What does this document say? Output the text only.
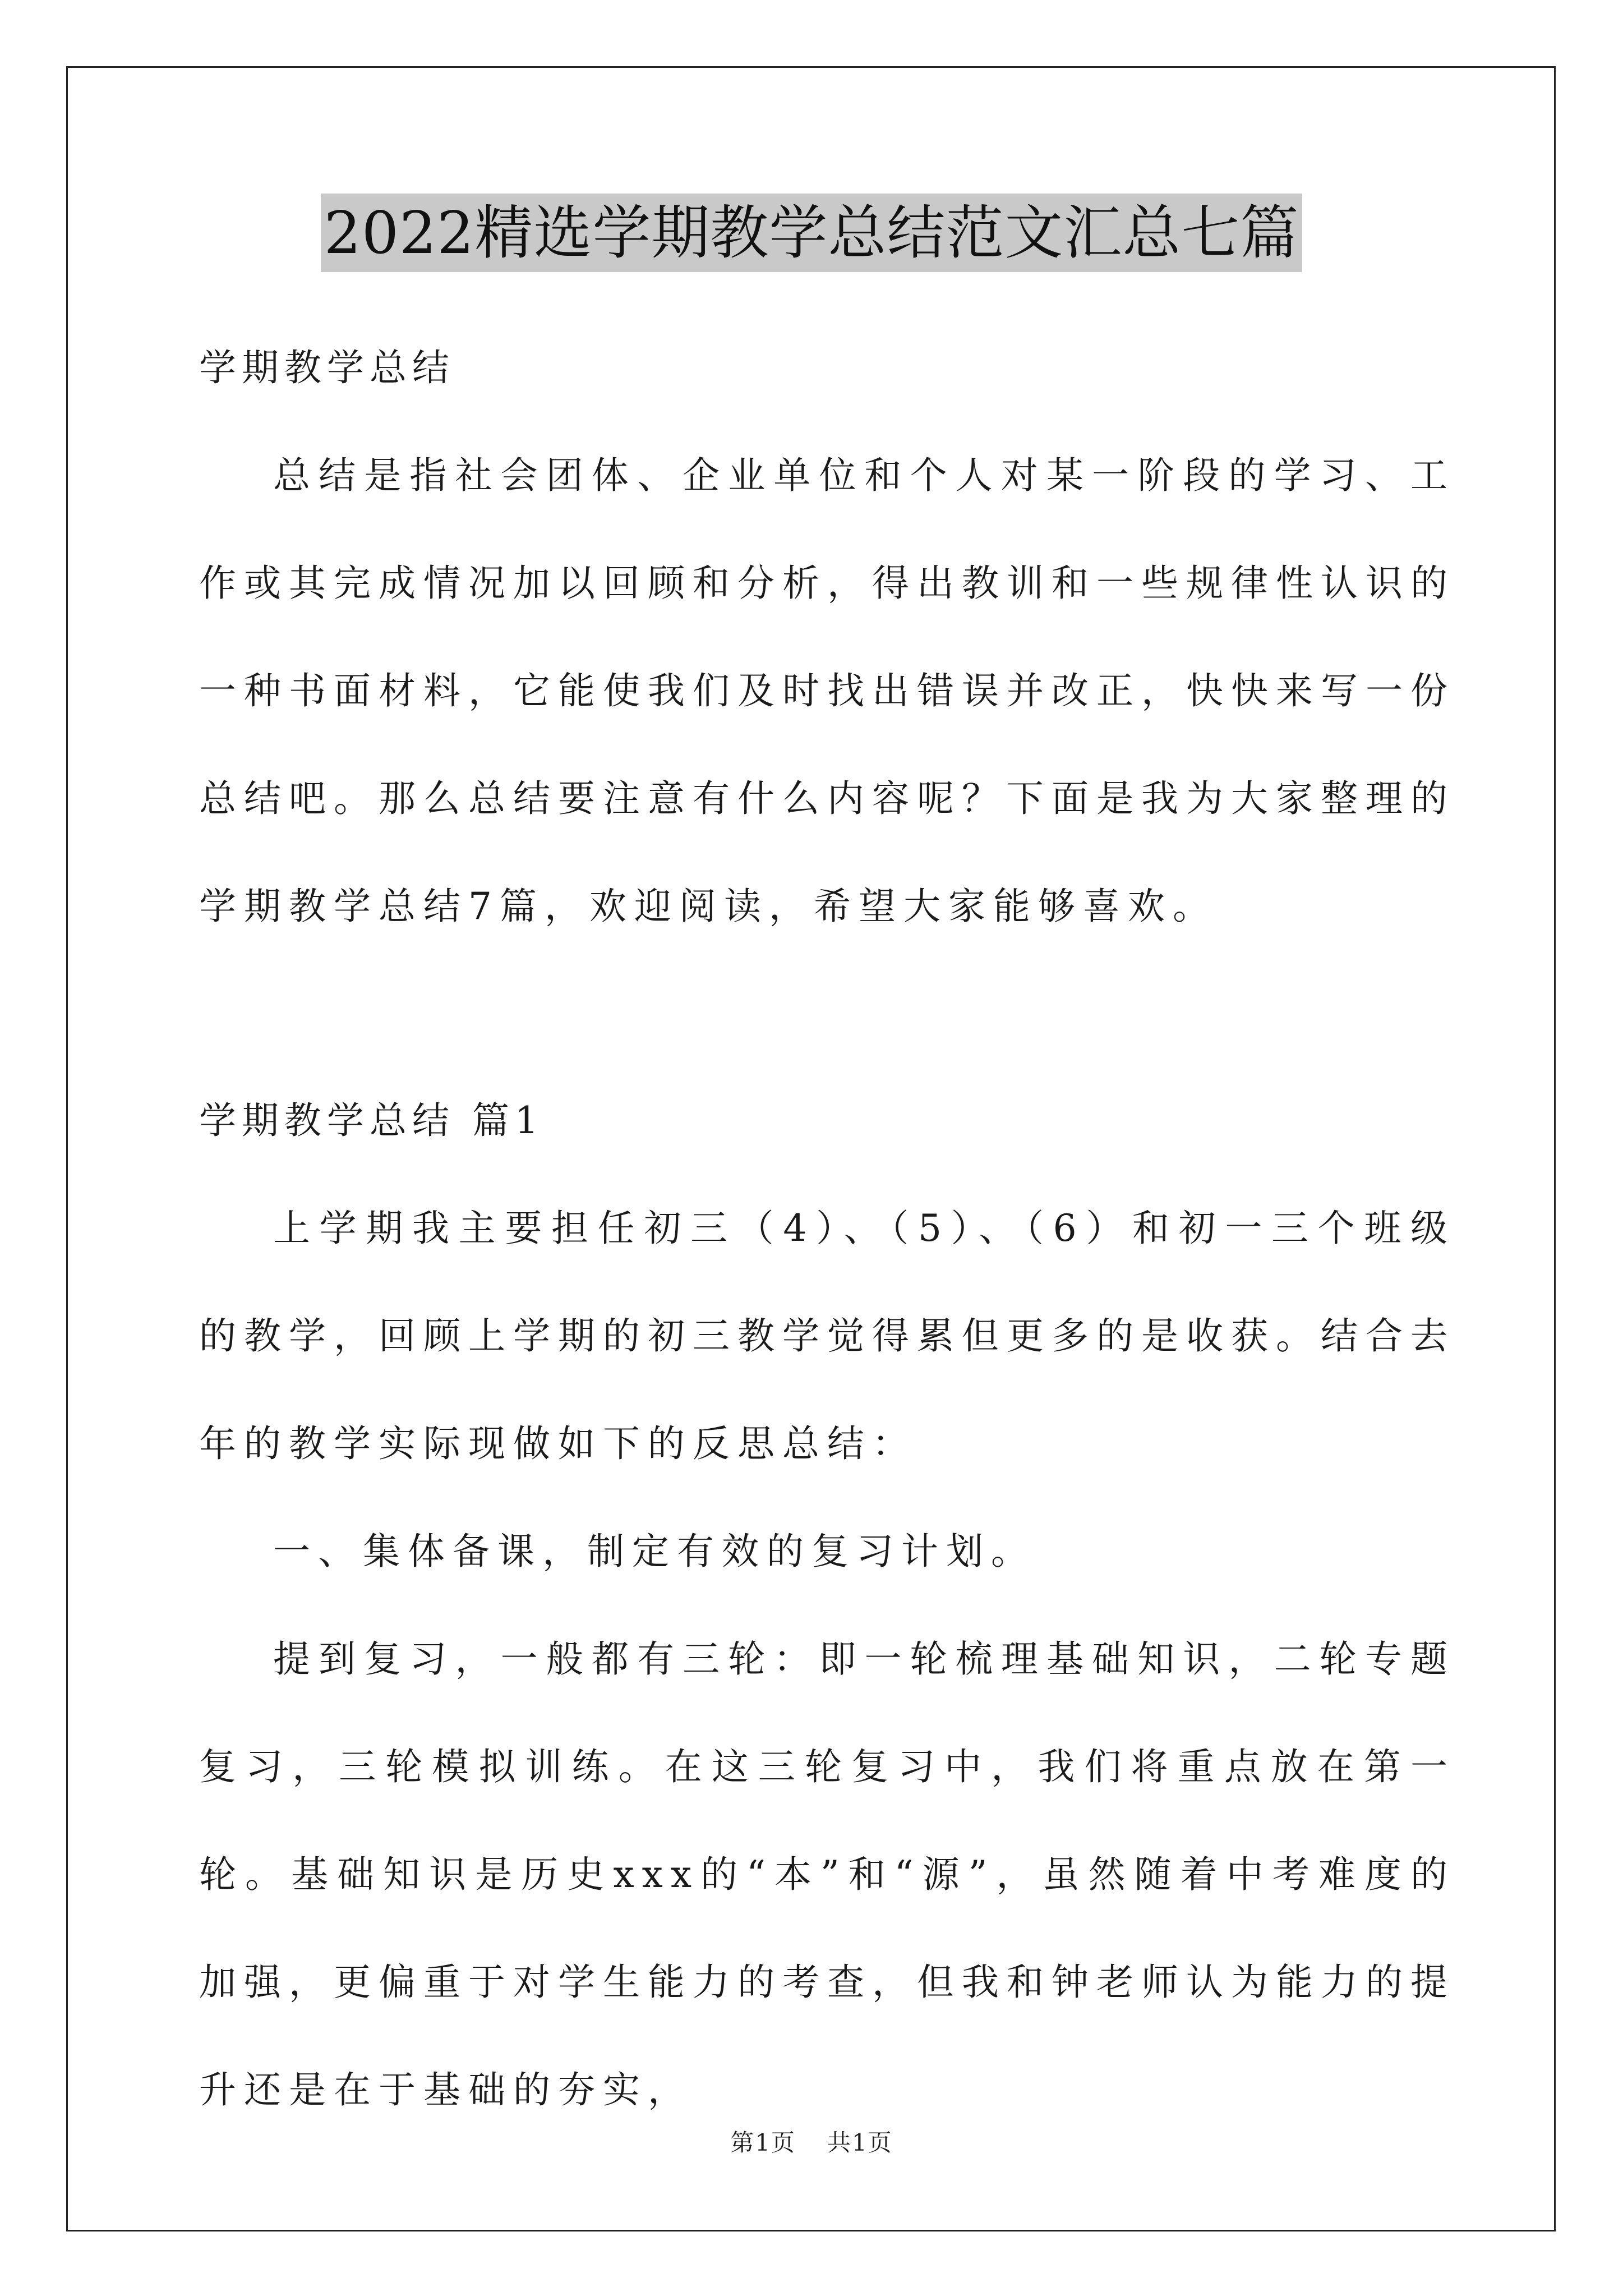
2022精选学期教学总结范文汇总七篇

学期教学总结

总结是指社会团体、企业单位和个人对某一阶段的学习、工作或其完成情况加以回顾和分析，得出教训和一些规律性认识的一种书面材料，它能使我们及时找出错误并改正，快快来写一份总结吧。那么总结要注意有什么内容呢？下面是我为大家整理的学期教学总结7篇，欢迎阅读，希望大家能够喜欢。

学期教学总结 篇1

上学期我主要担任初三（4）、（5）、（6）和初一三个班级的教学，回顾上学期的初三教学觉得累但更多的是收获。结合去年的教学实际现做如下的反思总结：

一、集体备课，制定有效的复习计划。

提到复习，一般都有三轮：即一轮梳理基础知识，二轮专题复习，三轮模拟训练。在这三轮复习中，我们将重点放在第一轮。基础知识是历史xxx的“本”和“源”，虽然随着中考难度的加强，更偏重于对学生能力的考查，但我和钟老师认为能力的提升还是在于基础的夯实，

第1页 共1页
